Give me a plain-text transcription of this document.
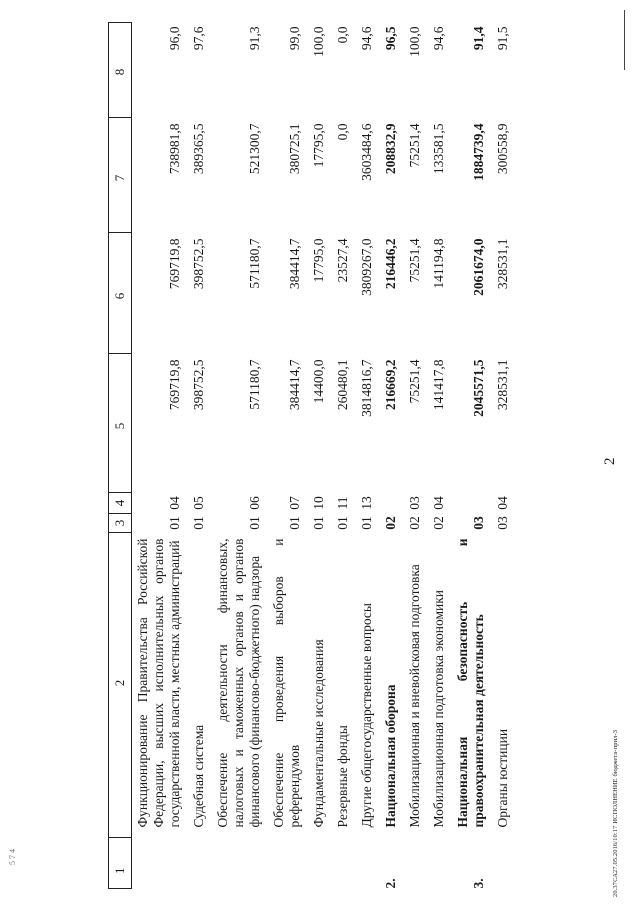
5 7 4
2
1	2	3	4	5	6	7	8
	Функционирование Правительства Российской Федерации, высших исполнительных органов государственной власти, местных администраций	01	04	769719,8	769719,8	738981,8	96,0
	Судебная система	01	05	398752,5	398752,5	389365,5	97,6
	Обеспечение деятельности финансовых, налоговых и таможенных органов и органов финансового (финансово-бюджетного) надзора	01	06	571180,7	571180,7	521300,7	91,3
	Обеспечение проведения выборов и референдумов	01	07	384414,7	384414,7	380725,1	99,0
	Фундаментальные исследования	01	10	14400,0	17795,0	17795,0	100,0
	Резервные фонды	01	11	260480,1	23527,4	0,0	0,0
	Другие общегосударственные вопросы	01	13	3814816,7	3809267,0	3603484,6	94,6
2.	Национальная оборона	02		216669,2	216446,2	208832,9	96,5
	Мобилизационная и вневойсковая подготовка	02	03	75251,4	75251,4	75251,4	100,0
	Мобилизационная подготовка экономики	02	04	141417,8	141194,8	133581,5	94,6
3.	Национальная безопасность и правоохранительная деятельность	03		2045571,5	2061674,0	1884739,4	91,4
	Органы юстиции	03	04	328531,1	328531,1	300558,9	91,5
20.37СА27.05.2016/10:17 ИСПОЛНЕНИЕ бюджета-прил-3
